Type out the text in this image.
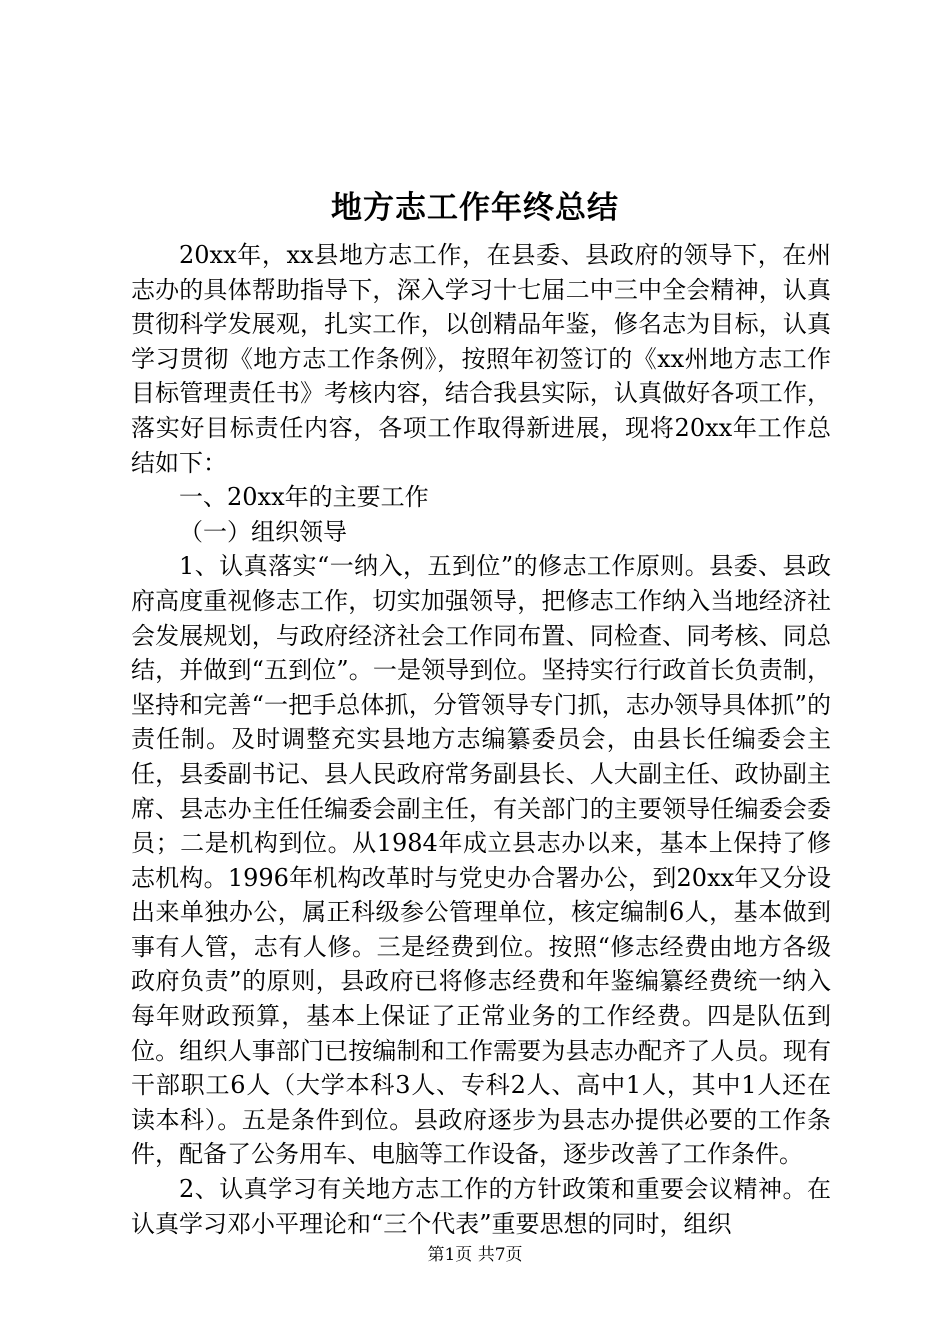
地方志工作年终总结

20xx年，xx县地方志工作，在县委、县政府的领导下，在州志办的具体帮助指导下，深入学习十七届二中三中全会精神，认真贯彻科学发展观，扎实工作，以创精品年鉴，修名志为目标，认真学习贯彻《地方志工作条例》，按照年初签订的《xx州地方志工作目标管理责任书》考核内容，结合我县实际，认真做好各项工作，落实好目标责任内容，各项工作取得新进展，现将20xx年工作总结如下：

一、20xx年的主要工作

（一）组织领导

1、认真落实“一纳入，五到位”的修志工作原则。县委、县政府高度重视修志工作，切实加强领导，把修志工作纳入当地经济社会发展规划，与政府经济社会工作同布置、同检查、同考核、同总结，并做到“五到位”。一是领导到位。坚持实行行政首长负责制，坚持和完善“一把手总体抓，分管领导专门抓，志办领导具体抓”的责任制。及时调整充实县地方志编纂委员会，由县长任编委会主任，县委副书记、县人民政府常务副县长、人大副主任、政协副主席、县志办主任任编委会副主任，有关部门的主要领导任编委会委员；二是机构到位。从1984年成立县志办以来，基本上保持了修志机构。1996年机构改革时与党史办合署办公，到20xx年又分设出来单独办公，属正科级参公管理单位，核定编制6人，基本做到事有人管，志有人修。三是经费到位。按照“修志经费由地方各级政府负责”的原则，县政府已将修志经费和年鉴编纂经费统一纳入每年财政预算，基本上保证了正常业务的工作经费。四是队伍到位。组织人事部门已按编制和工作需要为县志办配齐了人员。现有干部职工6人（大学本科3人、专科2人、高中1人，其中1人还在读本科）。五是条件到位。县政府逐步为县志办提供必要的工作条件，配备了公务用车、电脑等工作设备，逐步改善了工作条件。

2、认真学习有关地方志工作的方针政策和重要会议精神。在认真学习邓小平理论和“三个代表”重要思想的同时，组织

第1页 共7页
